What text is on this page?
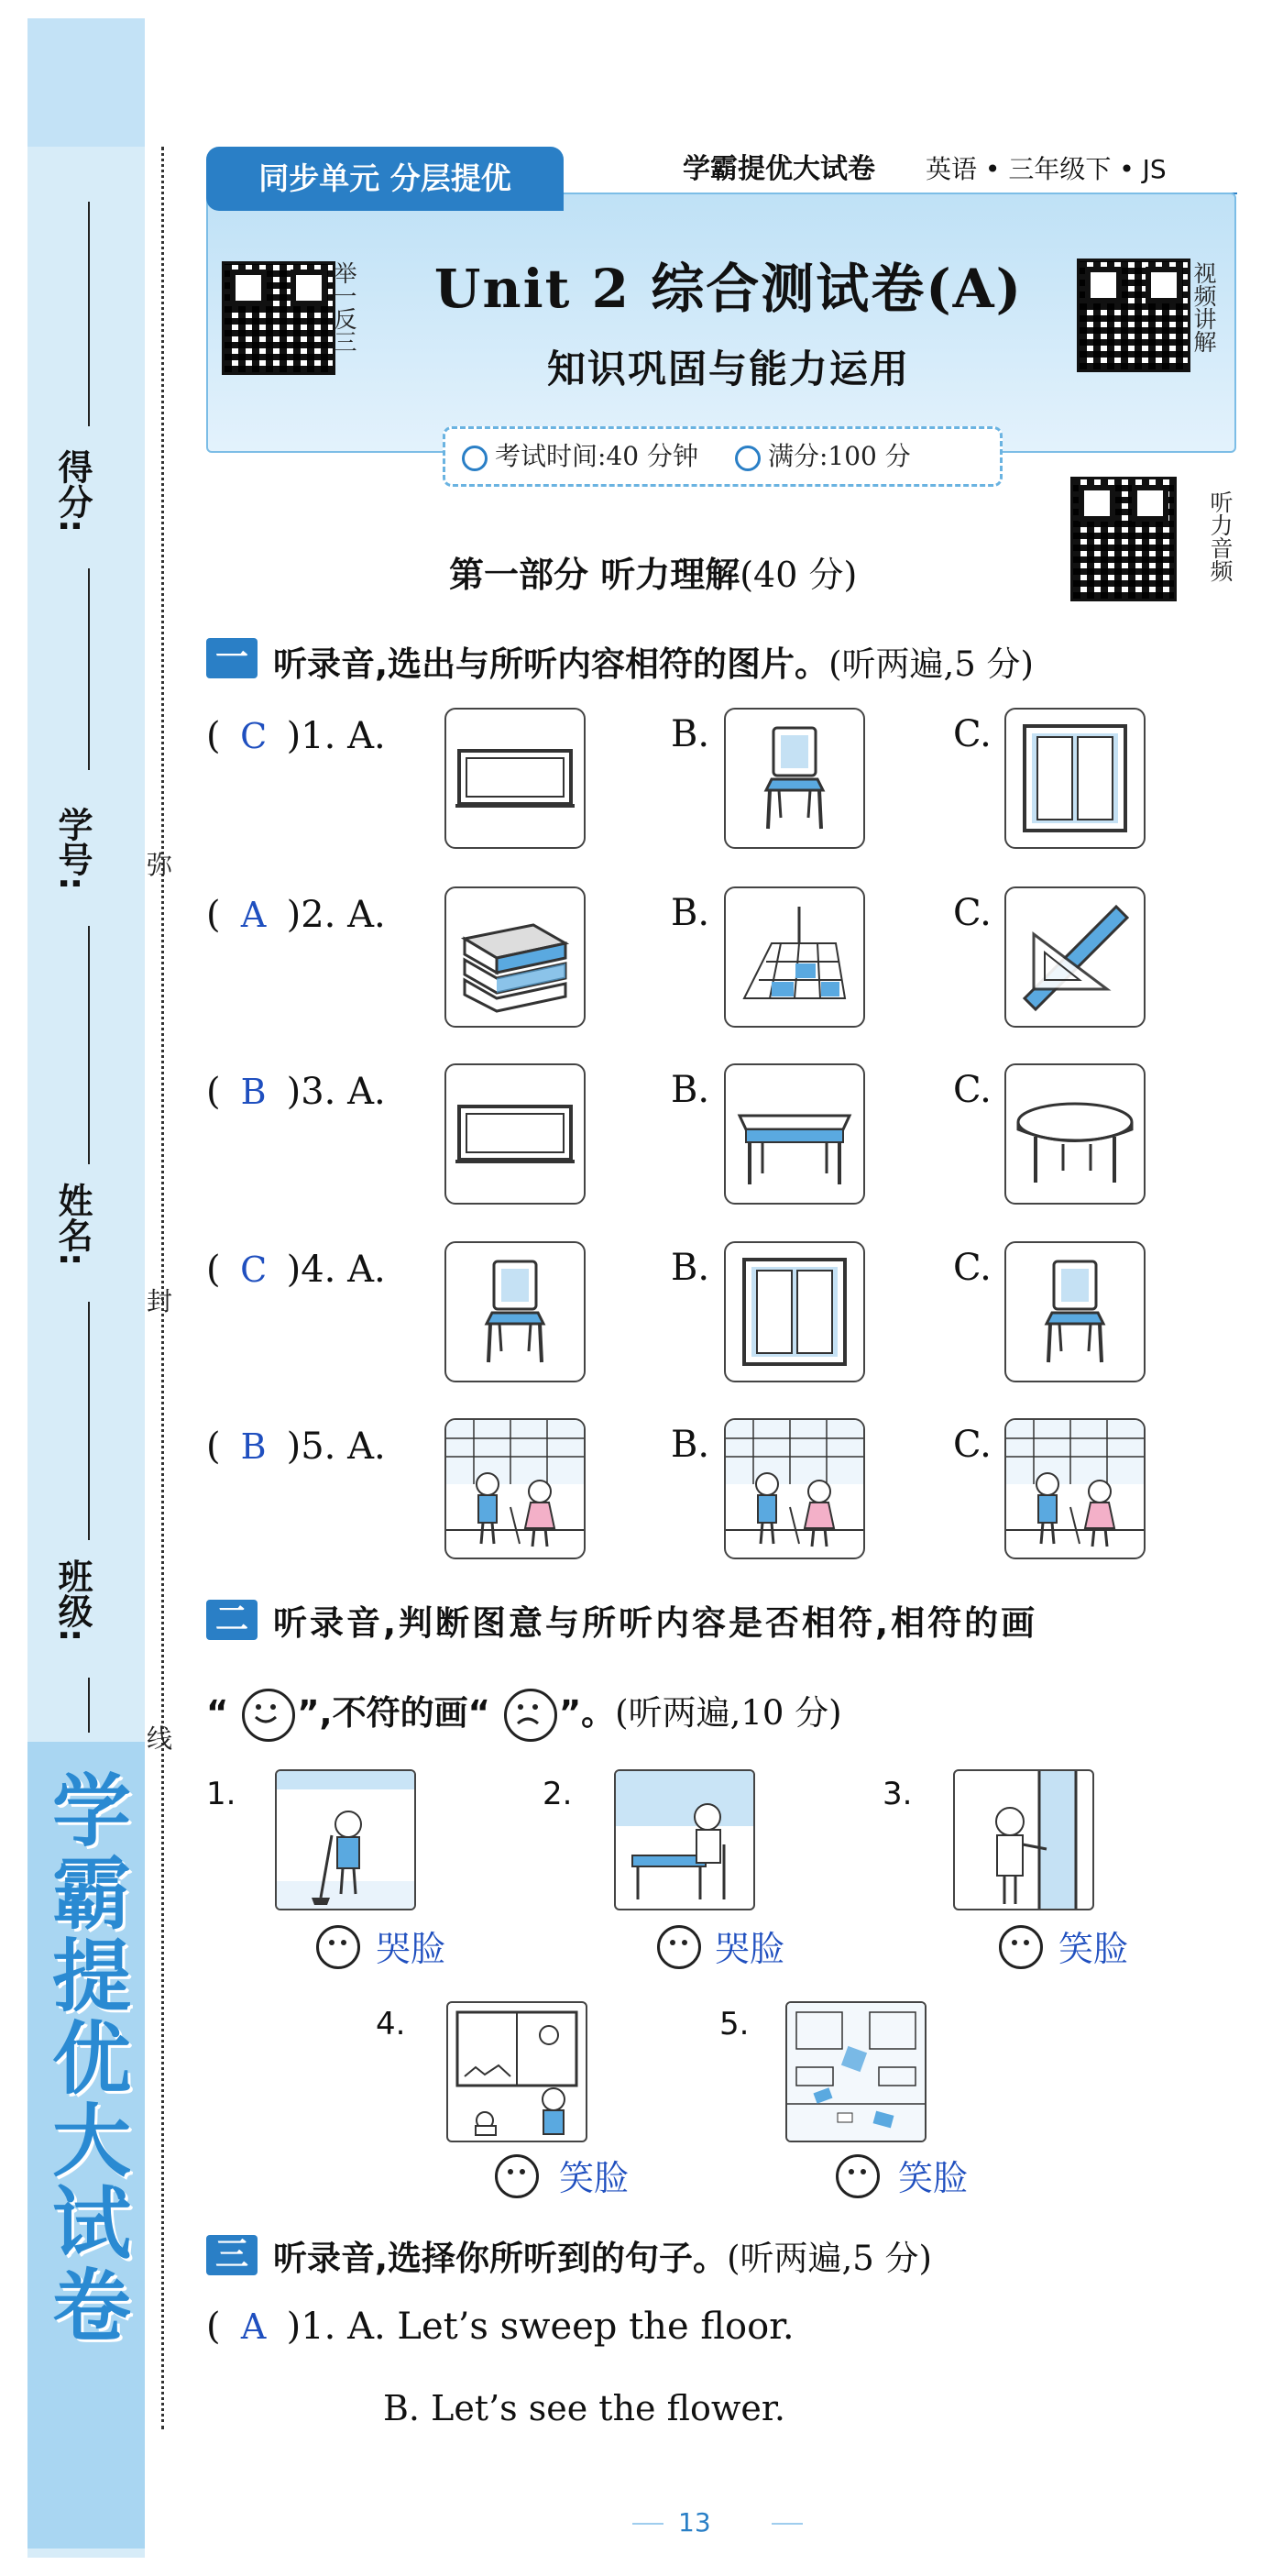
学霸提优大试卷
得分:
学号:
姓名:
班级:
弥
封
线
同步单元 分层提优	学霸提优大试卷 英语 • 三年级下 • JS
举一反三	视频讲解
Unit 2 综合测试卷(A)
知识巩固与能力运用
考试时间:40 分钟	满分:100 分
听力音频
第一部分 听力理解(40 分)
一 听录音,选出与所听内容相符的图片。(听两遍,5 分)
( C )1. A.	B.	C.
( A )2. A.	B.	C.
( B )3. A.	B.	C.
( C )4. A.	B.	C.
( B )5. A.	B.	C.
二 听录音,判断图意与所听内容是否相符,相符的画
“ ”,不符的画“ ”。(听两遍,10 分)
1.
哭脸
2.
哭脸
3.
笑脸
4.
笑脸
5.
笑脸
三 听录音,选择你所听到的句子。(听两遍,5 分)
( A )1. A. Let’s sweep the floor.
B. Let’s see the flower.
13
